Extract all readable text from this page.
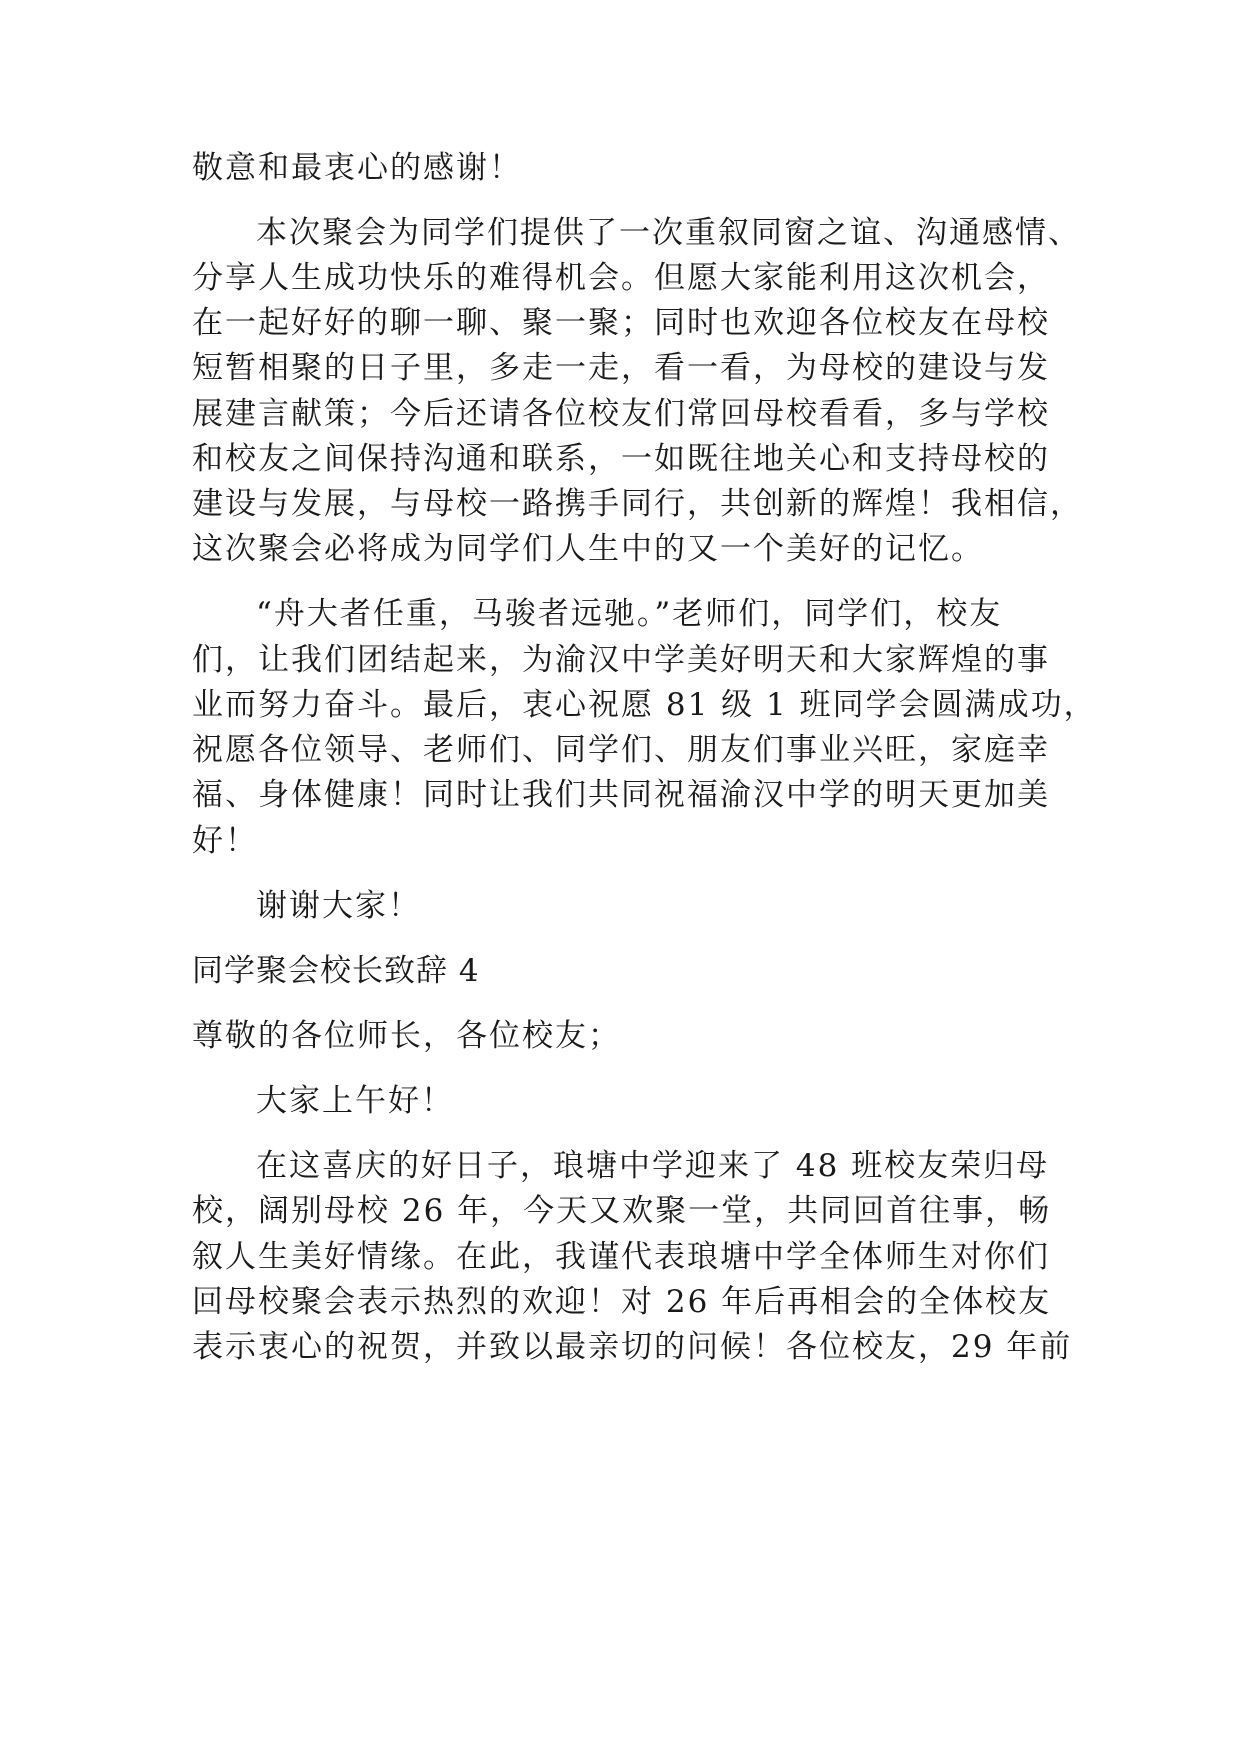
敬意和最衷心的感谢！
本次聚会为同学们提供了一次重叙同窗之谊、沟通感情、
分享人生成功快乐的难得机会。但愿大家能利用这次机会，
在一起好好的聊一聊、聚一聚；同时也欢迎各位校友在母校
短暂相聚的日子里，多走一走，看一看，为母校的建设与发
展建言献策；今后还请各位校友们常回母校看看，多与学校
和校友之间保持沟通和联系，一如既往地关心和支持母校的
建设与发展，与母校一路携手同行，共创新的辉煌！我相信，
这次聚会必将成为同学们人生中的又一个美好的记忆。
“舟大者任重，马骏者远驰。”老师们，同学们，校友
们，让我们团结起来，为渝汉中学美好明天和大家辉煌的事
业而努力奋斗。最后，衷心祝愿 81 级 1 班同学会圆满成功，
祝愿各位领导、老师们、同学们、朋友们事业兴旺，家庭幸
福、身体健康！同时让我们共同祝福渝汉中学的明天更加美
好！
谢谢大家！
同学聚会校长致辞 4
尊敬的各位师长，各位校友；
大家上午好！
在这喜庆的好日子，琅塘中学迎来了 48 班校友荣归母
校，阔别母校 26 年，今天又欢聚一堂，共同回首往事，畅
叙人生美好情缘。在此，我谨代表琅塘中学全体师生对你们
回母校聚会表示热烈的欢迎！对 26 年后再相会的全体校友
表示衷心的祝贺，并致以最亲切的问候！各位校友，29 年前
